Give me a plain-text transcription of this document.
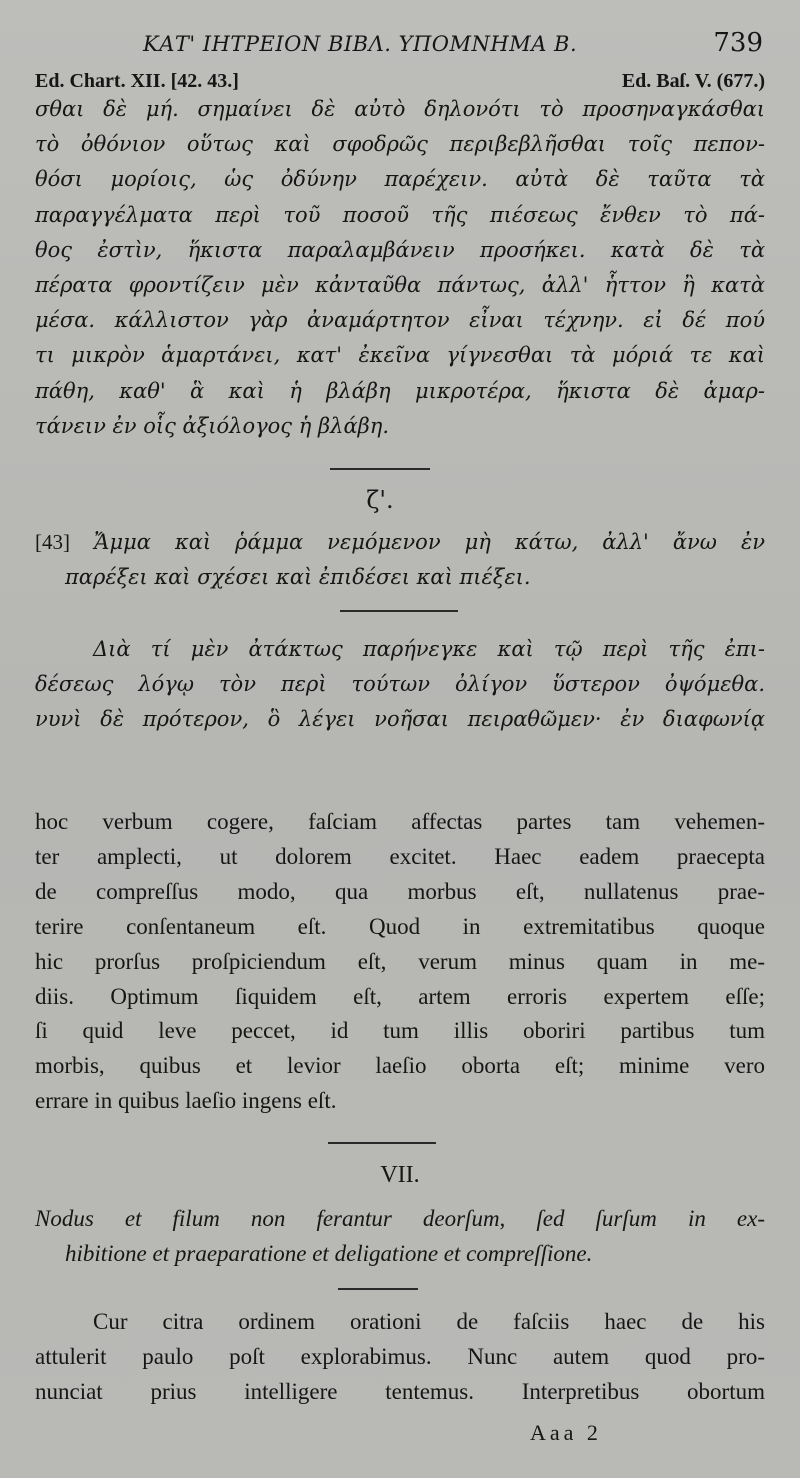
ΚΑΤ' ΙΗΤΡΕΙΟΝ ΒΙΒΛ. ΥΠΟΜΝΗΜΑ Β.	739
Ed. Chart. XII. [42. 43.]	Ed. Baſ. V. (677.)
σθαι δὲ μή. σημαίνει δὲ αὐτὸ δηλονότι τὸ προσηναγκάσθαι
τὸ ὀθόνιον οὕτως καὶ σφοδρῶς περιβεβλῆσθαι τοῖς πεπον-
θόσι μορίοις, ὡς ὀδύνην παρέχειν. αὐτὰ δὲ ταῦτα τὰ
παραγγέλματα περὶ τοῦ ποσοῦ τῆς πιέσεως ἔνθεν τὸ πά-
θος ἐστὶν, ἥκιστα παραλαμβάνειν προσήκει. κατὰ δὲ τὰ
πέρατα φροντίζειν μὲν κἀνταῦθα πάντως, ἀλλ' ἧττον ἢ κατὰ
μέσα. κάλλιστον γὰρ ἀναμάρτητον εἶναι τέχνην. εἰ δέ πού
τι μικρὸν ἁμαρτάνει, κατ' ἐκεῖνα γίγνεσθαι τὰ μόριά τε καὶ
πάθη, καθ' ἃ καὶ ἡ βλάβη μικροτέρα, ἥκιστα δὲ ἁμαρ-
τάνειν ἐν οἷς ἀξιόλογος ἡ βλάβη.
ζ'.
[43] Ἄμμα καὶ ῥάμμα νεμόμενον μὴ κάτω, ἀλλ' ἄνω ἐν
παρέξει καὶ σχέσει καὶ ἐπιδέσει καὶ πιέξει.
Διὰ τί μὲν ἀτάκτως παρήνεγκε καὶ τῷ περὶ τῆς ἐπι-
δέσεως λόγῳ τὸν περὶ τούτων ὀλίγον ὕστερον ὀψόμεθα.
νυνὶ δὲ πρότερον, ὃ λέγει νοῆσαι πειραθῶμεν· ἐν διαφωνίᾳ
hoc verbum cogere, faſciam affectas partes tam vehemen-
ter amplecti, ut dolorem excitet. Haec eadem praecepta
de compreſſus modo, qua morbus eſt, nullatenus prae-
terire conſentaneum eſt. Quod in extremitatibus quoque
hic prorſus proſpiciendum eſt, verum minus quam in me-
diis. Optimum ſiquidem eſt, artem erroris expertem eſſe;
ſi quid leve peccet, id tum illis oboriri partibus tum
morbis, quibus et levior laeſio oborta eſt; minime vero
errare in quibus laeſio ingens eſt.
VII.
Nodus et filum non ferantur deorſum, ſed ſurſum in ex-
hibitione et praeparatione et deligatione et compreſſione.
Cur citra ordinem orationi de faſciis haec de his
attulerit paulo poſt explorabimus. Nunc autem quod pro-
nunciat prius intelligere tentemus. Interpretibus obortum
Aaa 2
